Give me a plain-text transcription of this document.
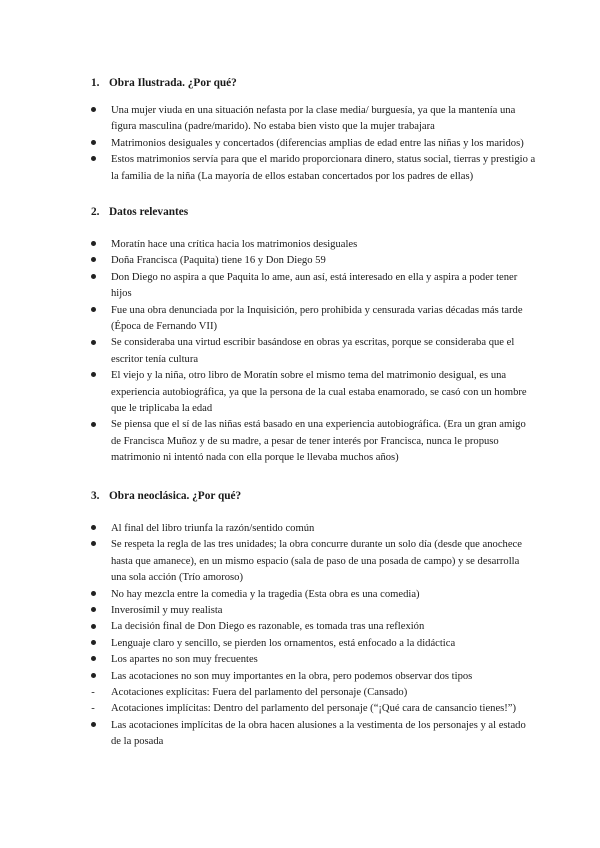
1. Obra Ilustrada. ¿Por qué?
Una mujer viuda en una situación nefasta por la clase media/ burguesía, ya que la mantenía una figura masculina (padre/marido). No estaba bien visto que la mujer trabajara
Matrimonios desiguales y concertados (diferencias amplias de edad entre las niñas y los maridos)
Estos matrimonios servía para que el marido proporcionara dinero, status social, tierras y prestigio a la familia de la niña (La mayoría de ellos estaban concertados por los padres de ellas)
2. Datos relevantes
Moratín hace una crítica hacia los matrimonios desiguales
Doña Francisca (Paquita) tiene 16 y Don Diego 59
Don Diego no aspira a que Paquita lo ame, aun así, está interesado en ella y aspira a poder tener hijos
Fue una obra denunciada por la Inquisición, pero prohibida y censurada varias décadas más tarde (Época de Fernando VII)
Se consideraba una virtud escribir basándose en obras ya escritas, porque se consideraba que el escritor tenía cultura
El viejo y la niña, otro libro de Moratín sobre el mismo tema del matrimonio desigual, es una experiencia autobiográfica, ya que la persona de la cual estaba enamorado, se casó con un hombre que le triplicaba la edad
Se piensa que el sí de las niñas está basado en una experiencia autobiográfica. (Era un gran amigo de Francisca Muñoz y de su madre, a pesar de tener interés por Francisca, nunca le propuso matrimonio ni intentó nada con ella porque le llevaba muchos años)
3. Obra neoclásica. ¿Por qué?
Al final del libro triunfa la razón/sentido común
Se respeta la regla de las tres unidades; la obra concurre durante un solo día (desde que anochece hasta que amanece), en un mismo espacio (sala de paso de una posada de campo) y se desarrolla una sola acción (Trío amoroso)
No hay mezcla entre la comedia y la tragedia (Esta obra es una comedia)
Inverosímil y muy realista
La decisión final de Don Diego es razonable, es tomada tras una reflexión
Lenguaje claro y sencillo, se pierden los ornamentos, está enfocado a la didáctica
Los apartes no son muy frecuentes
Las acotaciones no son muy importantes en la obra, pero podemos observar dos tipos
-
Acotaciones explícitas: Fuera del parlamento del personaje (Cansado)
-
Acotaciones implícitas: Dentro del parlamento del personaje (“¡Qué cara de cansancio tienes!”)
Las acotaciones implícitas de la obra hacen alusiones a la vestimenta de los personajes y al estado de la posada
